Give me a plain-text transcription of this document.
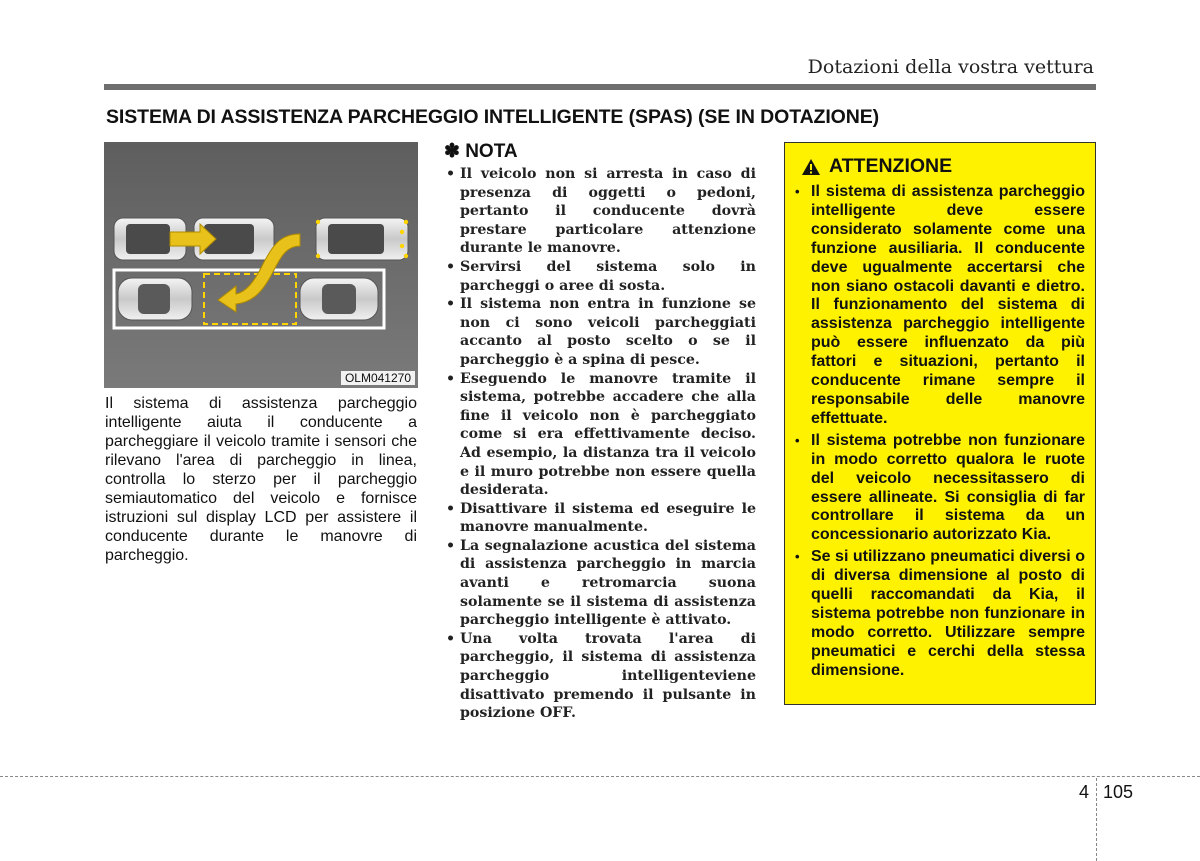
Dotazioni della vostra vettura
SISTEMA DI ASSISTENZA PARCHEGGIO INTELLIGENTE (SPAS) (SE IN DOTAZIONE)
OLM041270
Il sistema di assistenza parcheggio intelligente aiuta il conducente a parcheggiare il veicolo tramite i sensori che rilevano l'area di parcheggio in linea, controlla lo sterzo per il parcheggio semiautomatico del veicolo e fornisce istruzioni sul display LCD per assistere il conducente durante le manovre di parcheggio.
✽ NOTA
• Il veicolo non si arresta in caso di presenza di oggetti o pedoni, pertanto il conducente dovrà prestare particolare attenzione durante le manovre.
• Servirsi del sistema solo in parcheggi o aree di sosta.
• Il sistema non entra in funzione se non ci sono veicoli parcheggiati accanto al posto scelto o se il parcheggio è a spina di pesce.
• Eseguendo le manovre tramite il sistema, potrebbe accadere che alla fine il veicolo non è parcheggiato come si era effettivamente deciso. Ad esempio, la distanza tra il veicolo e il muro potrebbe non essere quella desiderata.
• Disattivare il sistema ed eseguire le manovre manualmente.
• La segnalazione acustica del sistema di assistenza parcheggio in marcia avanti e retromarcia suona solamente se il sistema di assistenza parcheggio intelligente è attivato.
• Una volta trovata l'area di parcheggio, il sistema di assistenza parcheggio intelligenteviene disattivato premendo il pulsante in posizione OFF.
ATTENZIONE
• Il sistema di assistenza parcheggio intelligente deve essere considerato solamente come una funzione ausiliaria. Il conducente deve ugualmente accertarsi che non siano ostacoli davanti e dietro. Il funzionamento del sistema di assistenza parcheggio intelligente può essere influenzato da più fattori e situazioni, pertanto il conducente rimane sempre il responsabile delle manovre effettuate.
• Il sistema potrebbe non funzionare in modo corretto qualora le ruote del veicolo necessitassero di essere allineate. Si consiglia di far controllare il sistema da un concessionario autorizzato Kia.
• Se si utilizzano pneumatici diversi o di diversa dimensione al posto di quelli raccomandati da Kia, il sistema potrebbe non funzionare in modo corretto. Utilizzare sempre pneumatici e cerchi della stessa dimensione.
4 105
